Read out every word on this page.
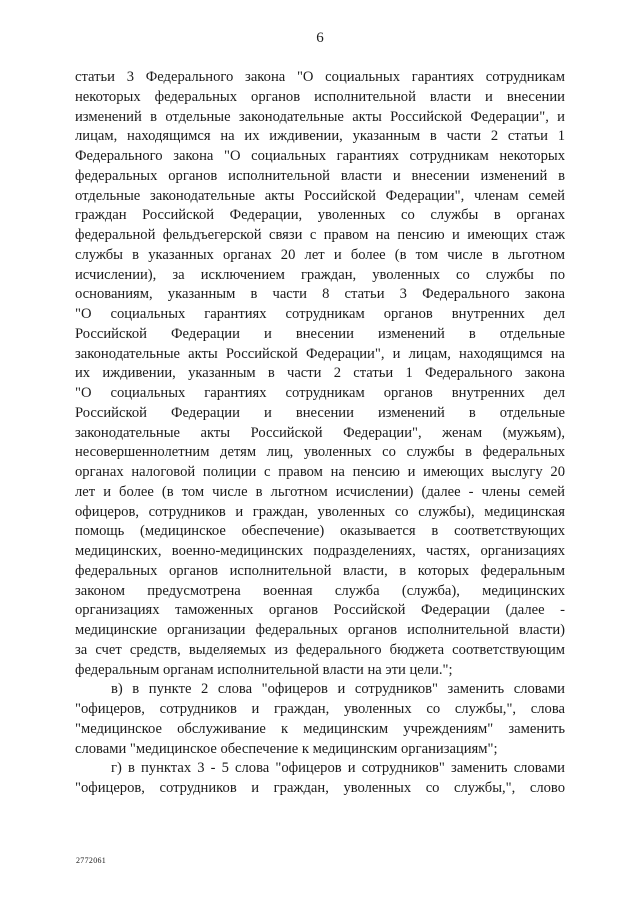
6

статьи 3 Федерального закона "О социальных гарантиях сотрудникам

некоторых федеральных органов исполнительной власти и внесении

изменений в отдельные законодательные акты Российской Федерации", и

лицам, находящимся на их иждивении, указанным в части 2 статьи 1

Федерального закона "О социальных гарантиях сотрудникам некоторых

федеральных органов исполнительной власти и внесении изменений в

отдельные законодательные акты Российской Федерации", членам семей

граждан Российской Федерации, уволенных со службы в органах

федеральной фельдъегерской связи с правом на пенсию и имеющих стаж

службы в указанных органах 20 лет и более (в том числе в льготном

исчислении), за исключением граждан, уволенных со службы по

основаниям, указанным в части 8 статьи 3 Федерального закона

"О социальных гарантиях сотрудникам органов внутренних дел

Российской Федерации и внесении изменений в отдельные

законодательные акты Российской Федерации", и лицам, находящимся на

их иждивении, указанным в части 2 статьи 1 Федерального закона

"О социальных гарантиях сотрудникам органов внутренних дел

Российской Федерации и внесении изменений в отдельные

законодательные акты Российской Федерации", женам (мужьям),

несовершеннолетним детям лиц, уволенных со службы в федеральных

органах налоговой полиции с правом на пенсию и имеющих выслугу 20

лет и более (в том числе в льготном исчислении) (далее - члены семей

офицеров, сотрудников и граждан, уволенных со службы), медицинская

помощь (медицинское обеспечение) оказывается в соответствующих

медицинских, военно-медицинских подразделениях, частях, организациях

федеральных органов исполнительной власти, в которых федеральным

законом предусмотрена военная служба (служба), медицинских

организациях таможенных органов Российской Федерации (далее -

медицинские организации федеральных органов исполнительной власти)

за счет средств, выделяемых из федерального бюджета соответствующим

федеральным органам исполнительной власти на эти цели.";

в) в пункте 2 слова "офицеров и сотрудников" заменить словами

"офицеров, сотрудников и граждан, уволенных со службы,", слова

"медицинское обслуживание к медицинским учреждениям" заменить

словами "медицинское обеспечение к медицинским организациям";

г) в пунктах 3 - 5 слова "офицеров и сотрудников" заменить словами

"офицеров, сотрудников и граждан, уволенных со службы,", слово

2772061
